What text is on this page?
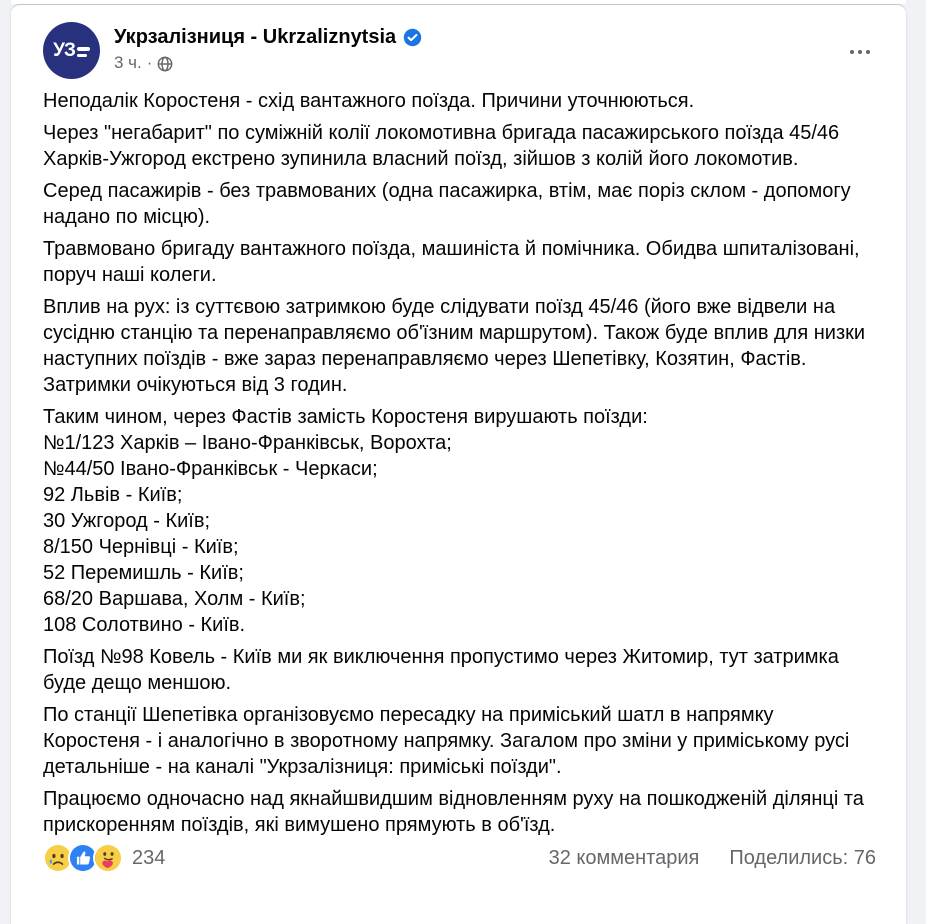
УЗ
Укрзалізниця - Ukrzaliznytsia
3 ч. ·

Неподалік Коростеня - схід вантажного поїзда. Причини уточнюються.

Через "негабарит" по суміжній колії локомотивна бригада пасажирського поїзда 45/46 Харків-Ужгород екстрено зупинила власний поїзд, зійшов з колій його локомотив.

Серед пасажирів - без травмованих (одна пасажирка, втім, має поріз склом - допомогу надано по місцю).

Травмовано бригаду вантажного поїзда, машиніста й помічника. Обидва шпиталізовані, поруч наші колеги.

Вплив на рух: із суттєвою затримкою буде слідувати поїзд 45/46 (його вже відвели на сусідню станцію та перенаправляємо об'їзним маршрутом). Також буде вплив для низки наступних поїздів - вже зараз перенаправляємо через Шепетівку, Козятин, Фастів. Затримки очікуються від 3 годин.

Таким чином, через Фастів замість Коростеня вирушають поїзди:
№1/123 Харків – Івано-Франківськ, Ворохта;
№44/50 Івано-Франківськ - Черкаси;
92 Львів - Київ;
30 Ужгород - Київ;
8/150 Чернівці - Київ;
52 Перемишль - Київ;
68/20 Варшава, Холм - Київ;
108 Солотвино - Київ.

Поїзд №98 Ковель - Київ ми як виключення пропустимо через Житомир, тут затримка буде дещо меншою.

По станції Шепетівка організовуємо пересадку на приміський шатл в напрямку Коростеня - і аналогічно в зворотному напрямку. Загалом про зміни у приміському русі детальніше - на каналі "Укрзалізниця: приміські поїзди".

Працюємо одночасно над якнайшвидшим відновленням руху на пошкодженій ділянці та прискоренням поїздів, які вимушено прямують в об'їзд.

234	32 комментария Поделились: 76
